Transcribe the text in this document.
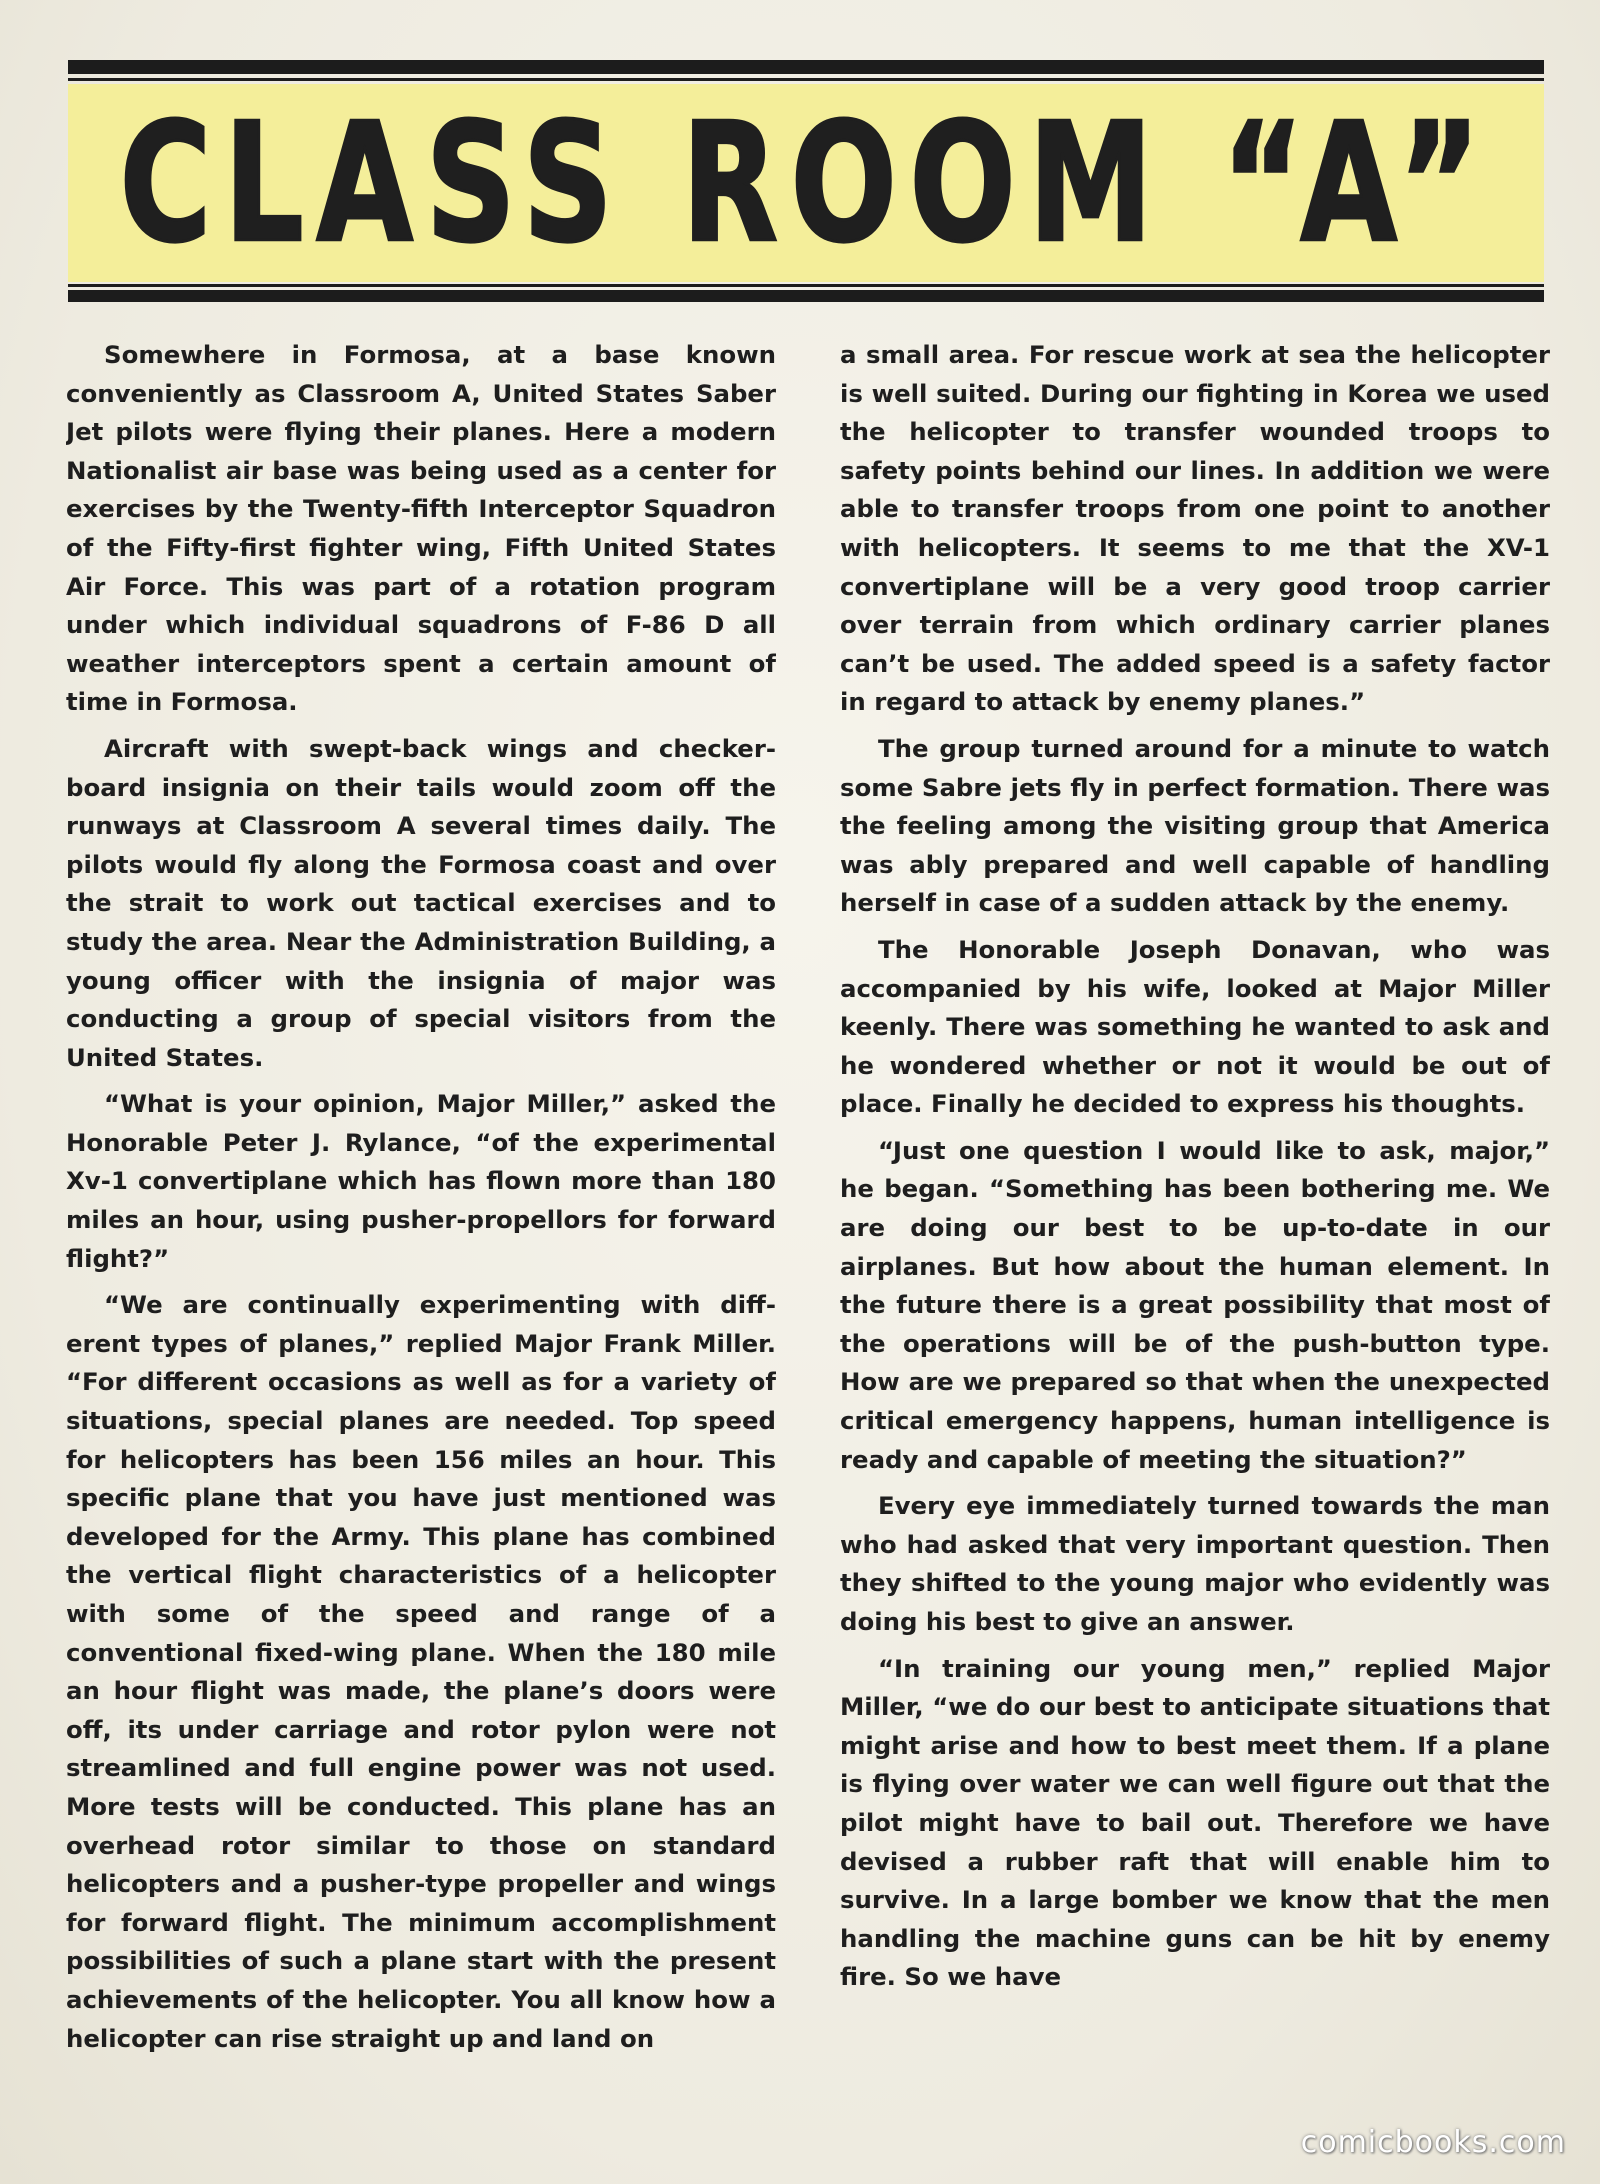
CLASS ROOM “A”

Somewhere in Formosa, at a base known conveniently as Classroom A, United States Saber Jet pilots were flying their planes. Here a modern Nationalist air base was being used as a center for exercises by the Twenty-fifth Interceptor Squadron of the Fifty-first fighter wing, Fifth United States Air Force. This was part of a rotation program under which individual squadrons of F-86 D all weather interceptors spent a certain amount of time in Formosa.

Aircraft with swept-back wings and checkerboard insignia on their tails would zoom off the runways at Classroom A several times daily. The pilots would fly along the Formosa coast and over the strait to work out tactical exercises and to study the area. Near the Administration Building, a young officer with the insignia of major was conducting a group of special visitors from the United States.

“What is your opinion, Major Miller,” asked the Honorable Peter J. Rylance, “of the experimental Xv-1 convertiplane which has flown more than 180 miles an hour, using pusher-propellors for forward flight?”

“We are continually experimenting with different types of planes,” replied Major Frank Miller. “For different occasions as well as for a variety of situations, special planes are needed. Top speed for helicopters has been 156 miles an hour. This specific plane that you have just mentioned was developed for the Army. This plane has combined the vertical flight characteristics of a helicopter with some of the speed and range of a conventional fixed-wing plane. When the 180 mile an hour flight was made, the plane’s doors were off, its under carriage and rotor pylon were not streamlined and full engine power was not used. More tests will be conducted. This plane has an overhead rotor similar to those on standard helicopters and a pusher-type propeller and wings for forward flight. The minimum accomplishment possibilities of such a plane start with the present achievements of the helicopter. You all know how a helicopter can rise straight up and land on

a small area. For rescue work at sea the helicopter is well suited. During our fighting in Korea we used the helicopter to transfer wounded troops to safety points behind our lines. In addition we were able to transfer troops from one point to another with helicopters. It seems to me that the XV-1 convertiplane will be a very good troop carrier over terrain from which ordinary carrier planes can’t be used. The added speed is a safety factor in regard to attack by enemy planes.”

The group turned around for a minute to watch some Sabre jets fly in perfect formation. There was the feeling among the visiting group that America was ably prepared and well capable of handling herself in case of a sudden attack by the enemy.

The Honorable Joseph Donavan, who was accompanied by his wife, looked at Major Miller keenly. There was something he wanted to ask and he wondered whether or not it would be out of place. Finally he decided to express his thoughts.

“Just one question I would like to ask, major,” he began. “Something has been bothering me. We are doing our best to be up-to-date in our airplanes. But how about the human element. In the future there is a great possibility that most of the operations will be of the push-button type. How are we prepared so that when the unexpected critical emergency happens, human intelligence is ready and capable of meeting the situation?”

Every eye immediately turned towards the man who had asked that very important question. Then they shifted to the young major who evidently was doing his best to give an answer.

“In training our young men,” replied Major Miller, “we do our best to anticipate situations that might arise and how to best meet them. If a plane is flying over water we can well figure out that the pilot might have to bail out. Therefore we have devised a rubber raft that will enable him to survive. In a large bomber we know that the men handling the machine guns can be hit by enemy fire. So we have

comicbooks.com
